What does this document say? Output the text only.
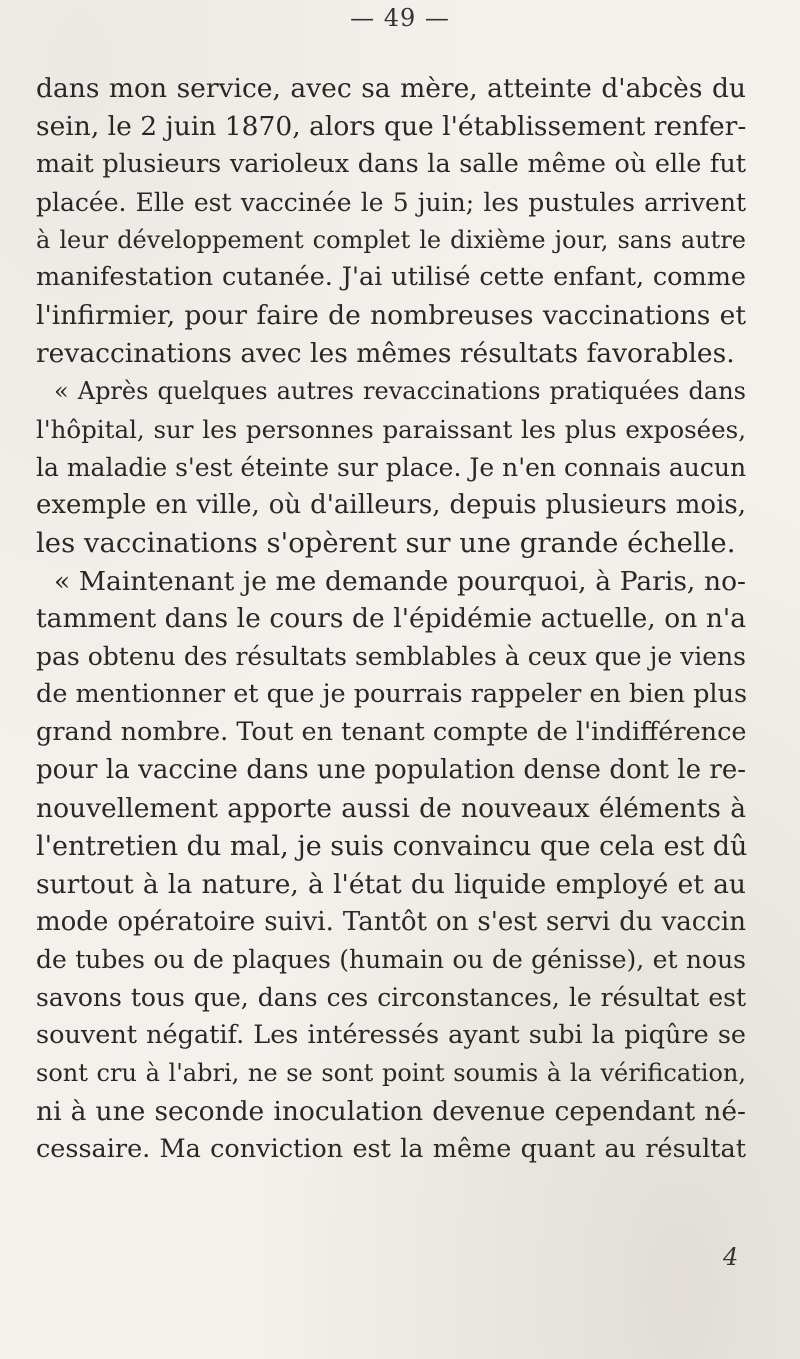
— 49 —
dans mon service, avec sa mère, atteinte d'abcès du
sein, le 2 juin 1870, alors que l'établissement renfer-
mait plusieurs varioleux dans la salle même où elle fut
placée. Elle est vaccinée le 5 juin; les pustules arrivent
à leur développement complet le dixième jour, sans autre
manifestation cutanée. J'ai utilisé cette enfant, comme
l'infirmier, pour faire de nombreuses vaccinations et
revaccinations avec les mêmes résultats favorables.
« Après quelques autres revaccinations pratiquées dans
l'hôpital, sur les personnes paraissant les plus exposées,
la maladie s'est éteinte sur place. Je n'en connais aucun
exemple en ville, où d'ailleurs, depuis plusieurs mois,
les vaccinations s'opèrent sur une grande échelle.
« Maintenant je me demande pourquoi, à Paris, no-
tamment dans le cours de l'épidémie actuelle, on n'a
pas obtenu des résultats semblables à ceux que je viens
de mentionner et que je pourrais rappeler en bien plus
grand nombre. Tout en tenant compte de l'indifférence
pour la vaccine dans une population dense dont le re-
nouvellement apporte aussi de nouveaux éléments à
l'entretien du mal, je suis convaincu que cela est dû
surtout à la nature, à l'état du liquide employé et au
mode opératoire suivi. Tantôt on s'est servi du vaccin
de tubes ou de plaques (humain ou de génisse), et nous
savons tous que, dans ces circonstances, le résultat est
souvent négatif. Les intéressés ayant subi la piqûre se
sont cru à l'abri, ne se sont point soumis à la vérification,
ni à une seconde inoculation devenue cependant né-
cessaire. Ma conviction est la même quant au résultat
4
